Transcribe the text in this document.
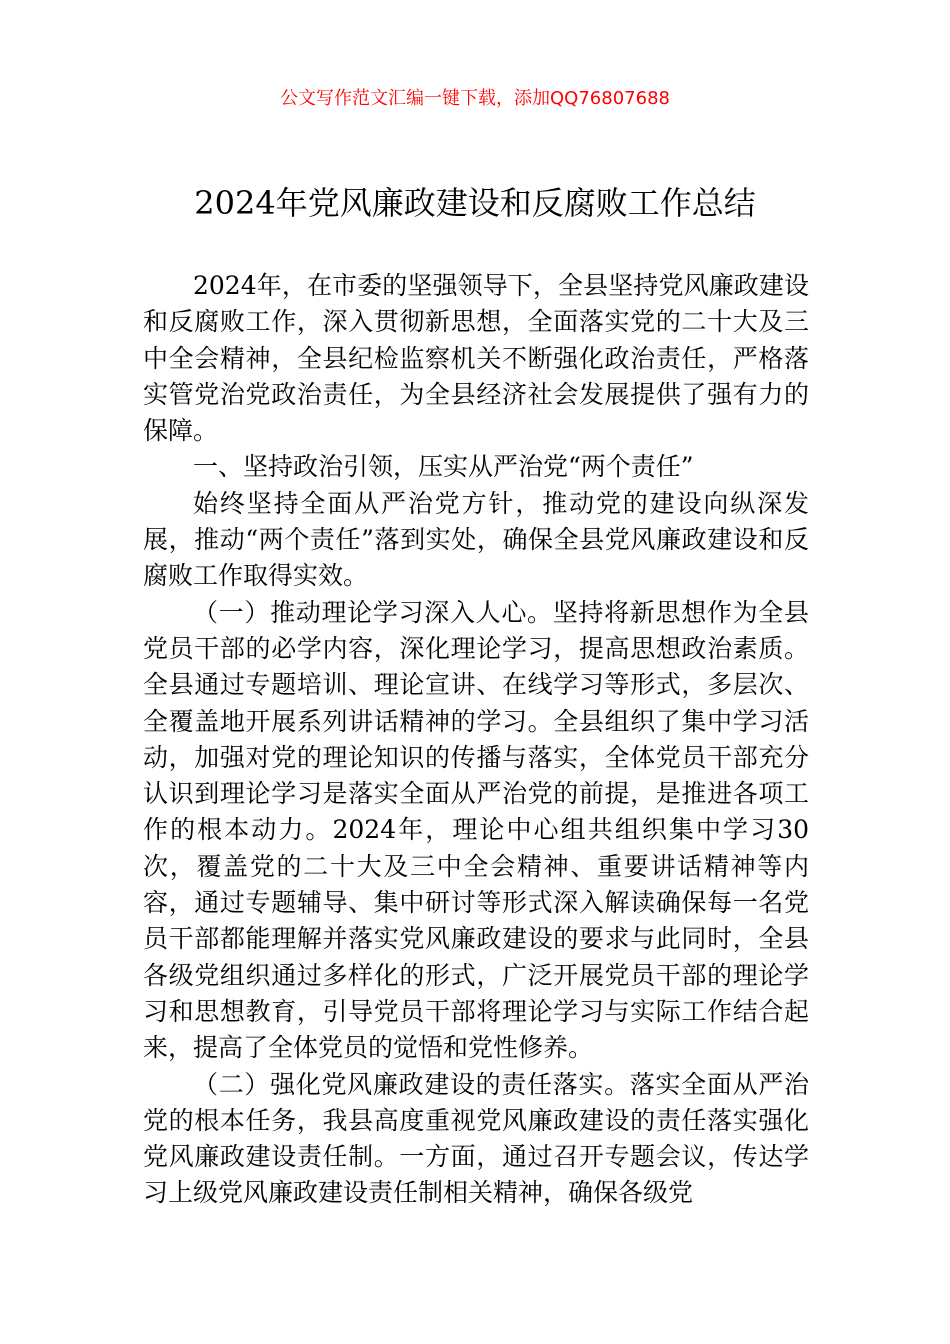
公文写作范文汇编一键下载，添加QQ76807688
2024年党风廉政建设和反腐败工作总结

2024年，在市委的坚强领导下，全县坚持党风廉政建设和反腐败工作，深入贯彻新思想，全面落实党的二十大及三中全会精神，全县纪检监察机关不断强化政治责任，严格落实管党治党政治责任，为全县经济社会发展提供了强有力的保障。

一、坚持政治引领，压实从严治党“两个责任”

始终坚持全面从严治党方针，推动党的建设向纵深发展，推动“两个责任”落到实处，确保全县党风廉政建设和反腐败工作取得实效。

（一）推动理论学习深入人心。坚持将新思想作为全县党员干部的必学内容，深化理论学习，提高思想政治素质。全县通过专题培训、理论宣讲、在线学习等形式，多层次、全覆盖地开展系列讲话精神的学习。全县组织了集中学习活动，加强对党的理论知识的传播与落实，全体党员干部充分认识到理论学习是落实全面从严治党的前提，是推进各项工作的根本动力。2024年，理论中心组共组织集中学习30次，覆盖党的二十大及三中全会精神、重要讲话精神等内容，通过专题辅导、集中研讨等形式深入解读确保每一名党员干部都能理解并落实党风廉政建设的要求与此同时，全县各级党组织通过多样化的形式，广泛开展党员干部的理论学习和思想教育，引导党员干部将理论学习与实际工作结合起来，提高了全体党员的觉悟和党性修养。

（二）强化党风廉政建设的责任落实。落实全面从严治党的根本任务，我县高度重视党风廉政建设的责任落实强化党风廉政建设责任制。一方面，通过召开专题会议，传达学习上级党风廉政建设责任制相关精神，确保各级党
